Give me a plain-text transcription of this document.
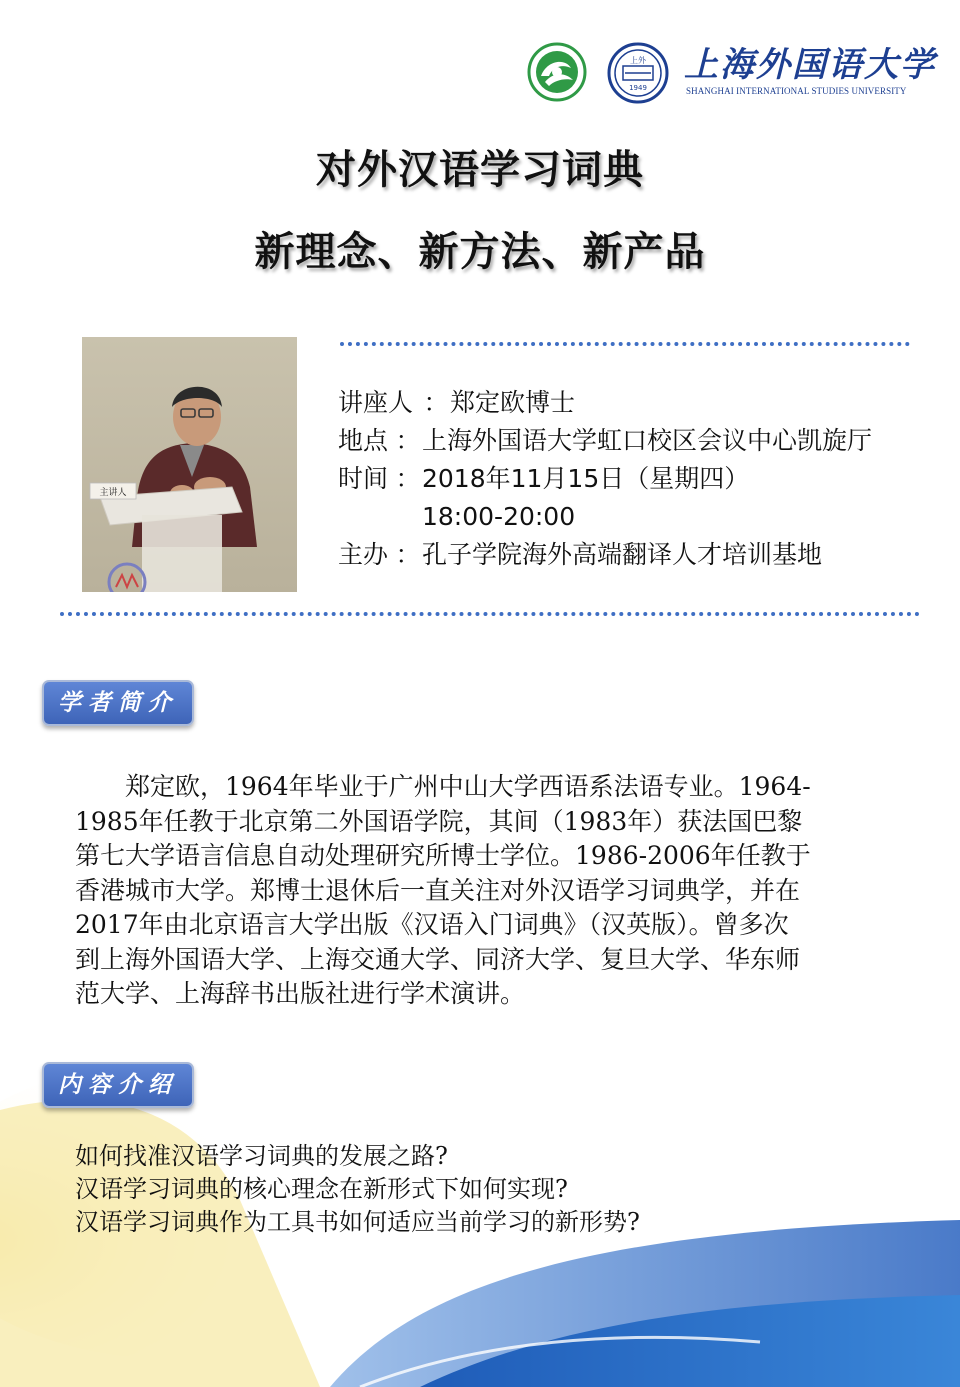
上外
1949
上海外国语大学
SHANGHAI INTERNATIONAL STUDIES UNIVERSITY
对外汉语学习词典
新理念、新方法、新产品
主讲人
讲座人 ： 郑定欧博士
地点 ： 上海外国语大学虹口校区会议中心凯旋厅
时间 ： 2018年11月15日（星期四）
18:00-20:00
主办 ： 孔子学院海外高端翻译人才培训基地
学者简介
　　郑定欧，1964年毕业于广州中山大学西语系法语专业。1964-
1985年任教于北京第二外国语学院，其间（1983年）获法国巴黎
第七大学语言信息自动处理研究所博士学位。1986-2006年任教于
香港城市大学。郑博士退休后一直关注对外汉语学习词典学，并在
2017年由北京语言大学出版《汉语入门词典》（汉英版）。曾多次
到上海外国语大学、上海交通大学、同济大学、复旦大学、华东师
范大学、上海辞书出版社进行学术演讲。
内容介绍
如何找准汉语学习词典的发展之路?
汉语学习词典的核心理念在新形式下如何实现?
汉语学习词典作为工具书如何适应当前学习的新形势?
